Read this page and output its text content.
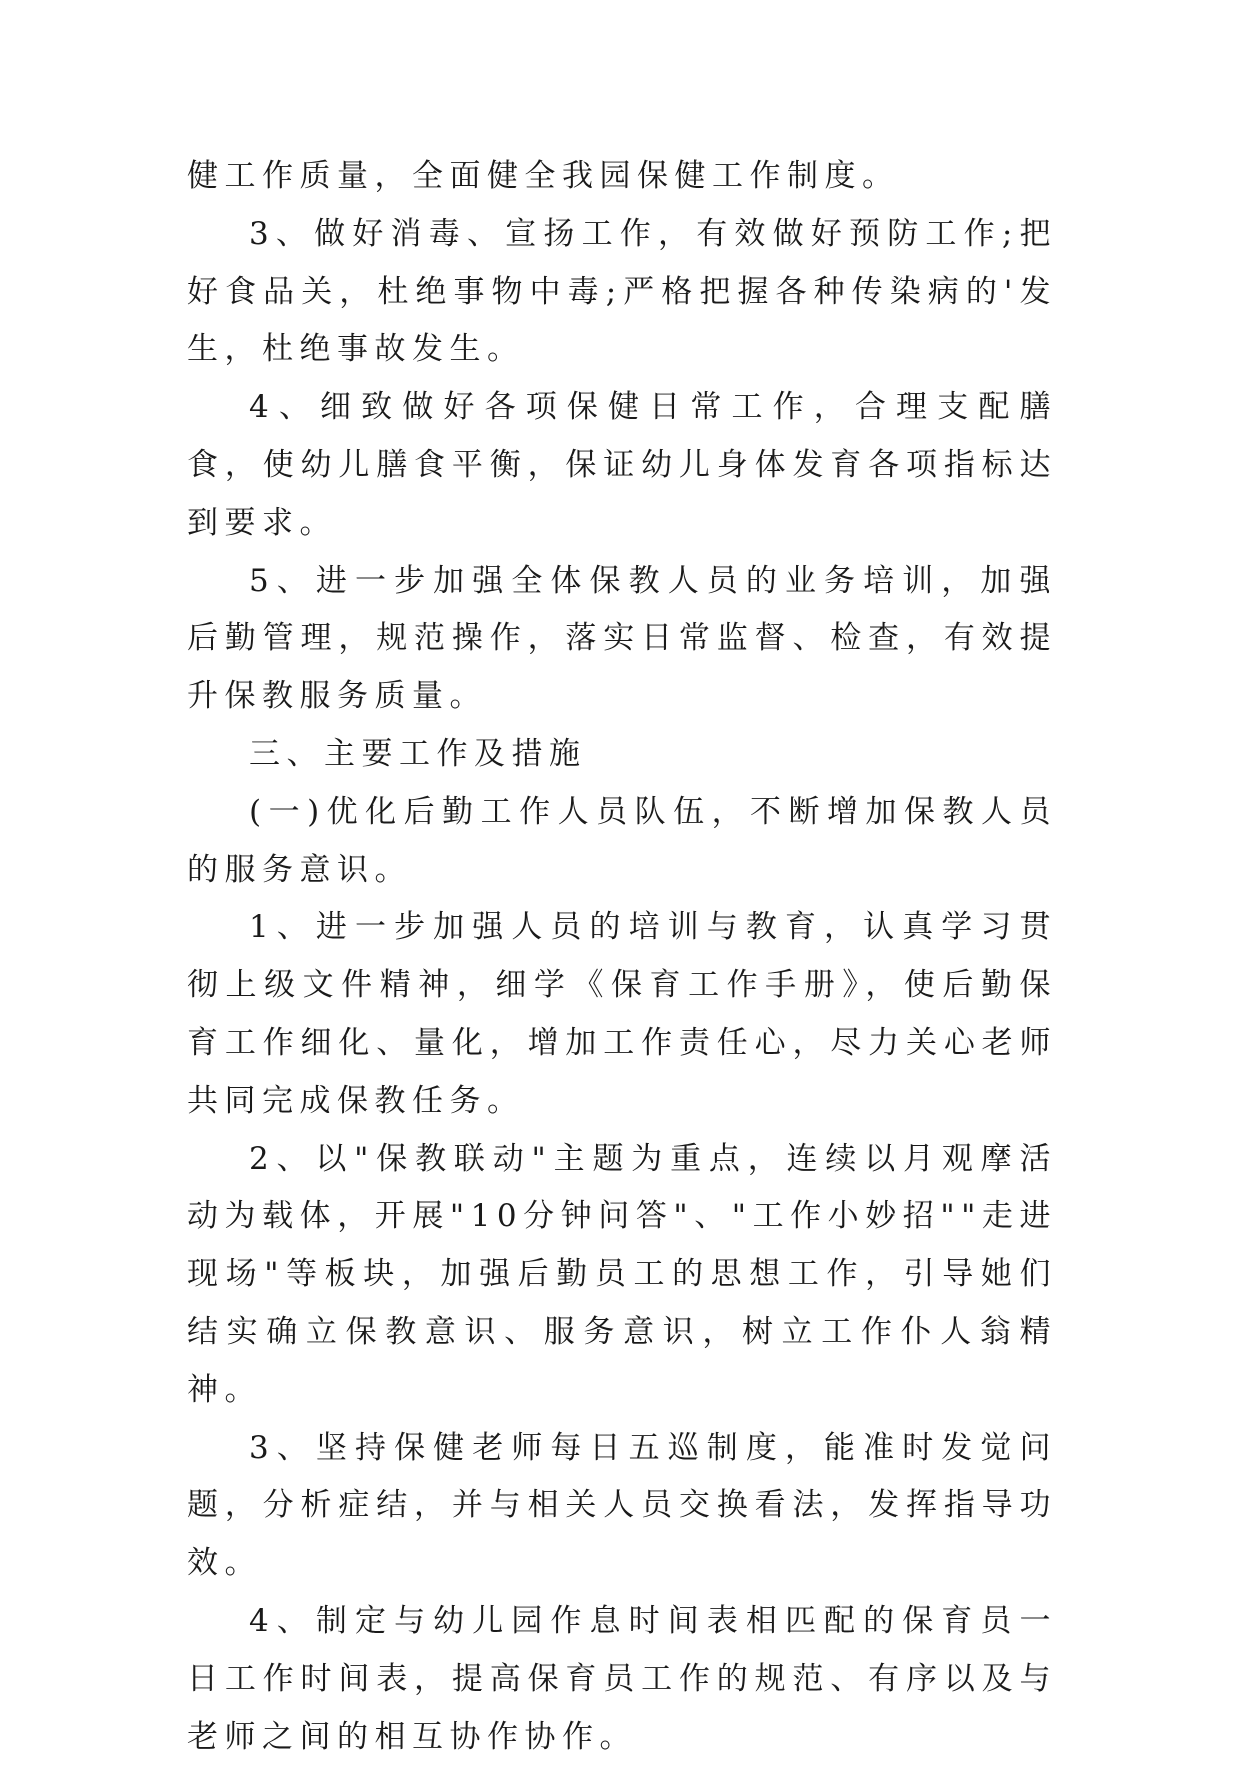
健工作质量，全面健全我园保健工作制度。

3、做好消毒、宣扬工作，有效做好预防工作;把好食品关，杜绝事物中毒;严格把握各种传染病的'发生，杜绝事故发生。

4、细致做好各项保健日常工作，合理支配膳食，使幼儿膳食平衡，保证幼儿身体发育各项指标达到要求。

5、进一步加强全体保教人员的业务培训，加强后勤管理，规范操作，落实日常监督、检查，有效提升保教服务质量。

三、主要工作及措施

(一)优化后勤工作人员队伍，不断增加保教人员的服务意识。

1、进一步加强人员的培训与教育，认真学习贯彻上级文件精神，细学《保育工作手册》，使后勤保育工作细化、量化，增加工作责任心，尽力关心老师共同完成保教任务。

2、以"保教联动"主题为重点，连续以月观摩活动为载体，开展"10分钟问答"、"工作小妙招""走进现场"等板块，加强后勤员工的思想工作，引导她们结实确立保教意识、服务意识，树立工作仆人翁精神。

3、坚持保健老师每日五巡制度，能准时发觉问题，分析症结，并与相关人员交换看法，发挥指导功效。

4、制定与幼儿园作息时间表相匹配的保育员一日工作时间表，提高保育员工作的规范、有序以及与老师之间的相互协作协作。
